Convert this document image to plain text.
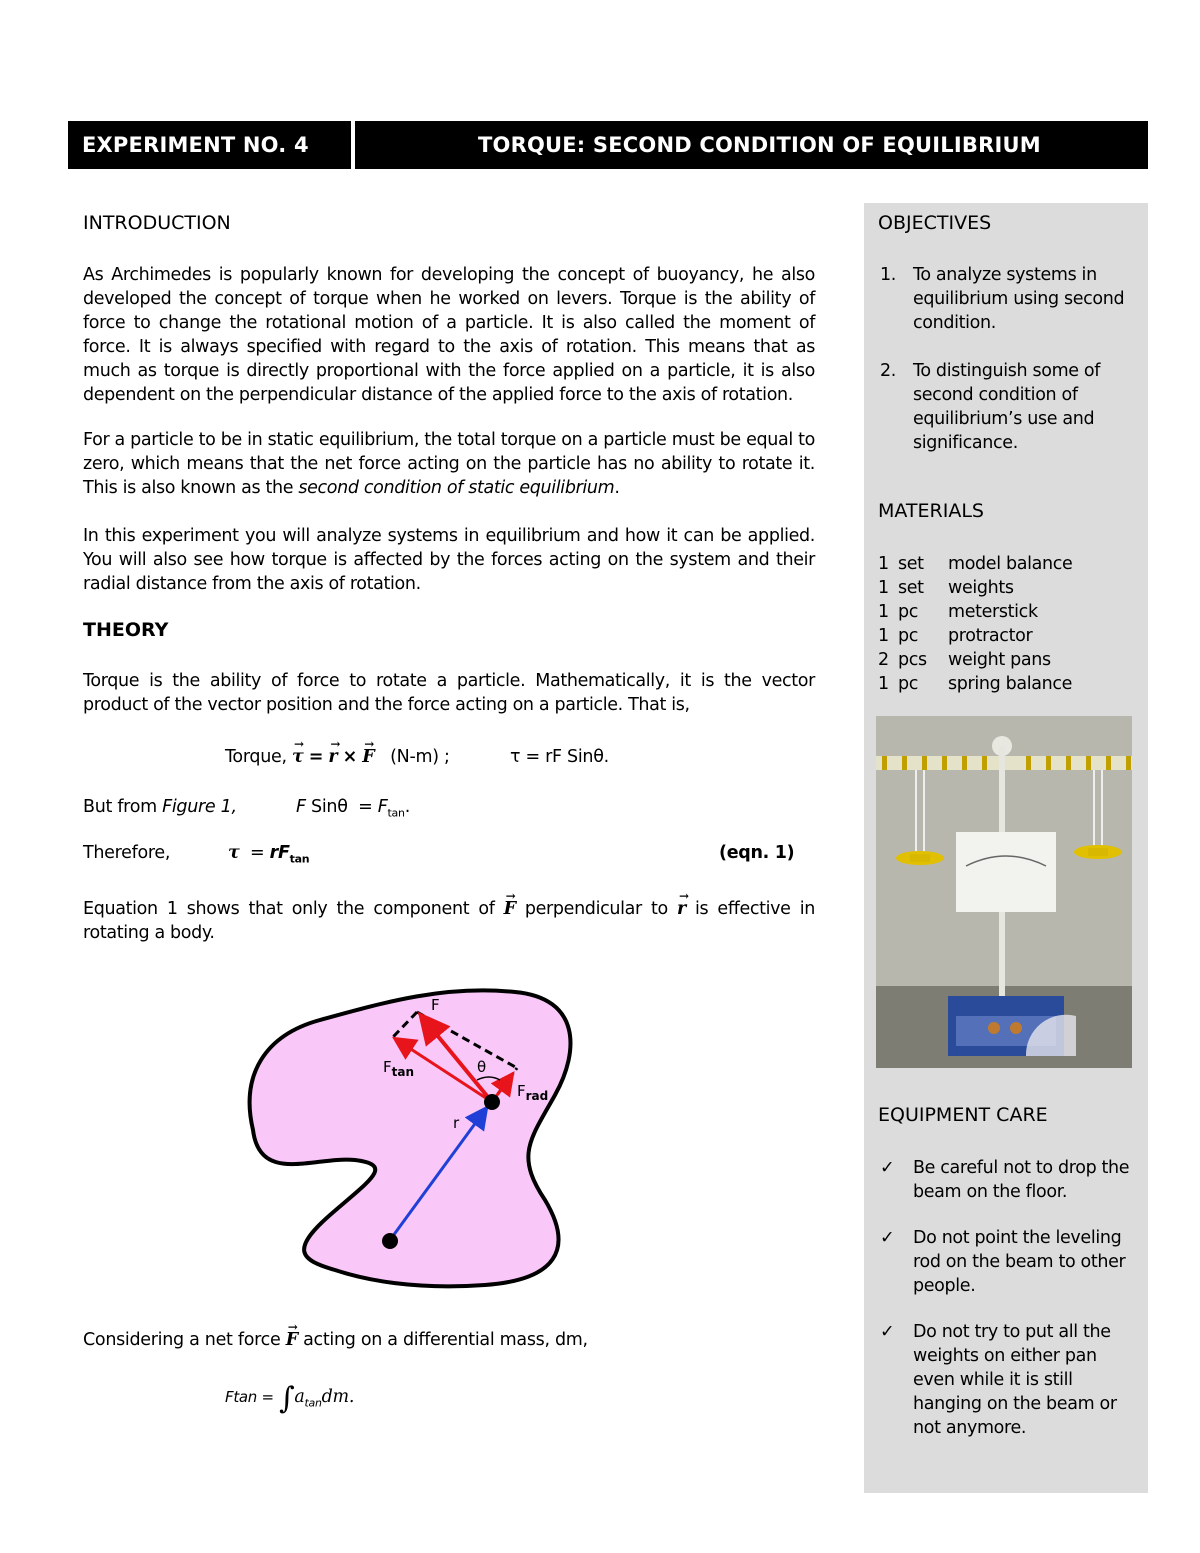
EXPERIMENT NO. 4	TORQUE: SECOND CONDITION OF EQUILIBRIUM
INTRODUCTION
As Archimedes is popularly known for developing the concept of buoyancy, he also developed the concept of torque when he worked on levers. Torque is the ability of force to change the rotational motion of a particle. It is also called the moment of force. It is always specified with regard to the axis of rotation. This means that as much as torque is directly proportional with the force applied on a particle, it is also dependent on the perpendicular distance of the applied force to the axis of rotation.
For a particle to be in static equilibrium, the total torque on a particle must be equal to zero, which means that the net force acting on the particle has no ability to rotate it. This is also known as the second condition of static equilibrium.
In this experiment you will analyze systems in equilibrium and how it can be applied. You will also see how torque is affected by the forces acting on the system and their radial distance from the axis of rotation.
THEORY
Torque is the ability of force to rotate a particle. Mathematically, it is the vector product of the vector position and the force acting on a particle. That is,
Torque, → τ = → r × → F (N-m) ;	τ = rF Sinθ.
But from Figure 1,	F $Sin\theta = F_{tan}$.
Therefore,	$\tau = rF_{tan}$	(eqn. 1)
Equation 1 shows that only the component of → F perpendicular to → r is effective in rotating a body.
F
$F_{tan}$
$F_{rad}$
θ
r
Considering a net force → F acting on a differential mass, dm,
$Ftan = \int a_{tan}dm$.
OBJECTIVES
1. To analyze systems in equilibrium using second condition.
2. To distinguish some of second condition of equilibrium’s use and significance.
MATERIALS
1 set model balance
1 set weights
1 pc meterstick
1 pc protractor
2 pcs weight pans
1 pc spring balance
EQUIPMENT CARE
✓ Be careful not to drop the beam on the floor.
✓ Do not point the leveling rod on the beam to other people.
✓ Do not try to put all the weights on either pan even while it is still hanging on the beam or not anymore.
